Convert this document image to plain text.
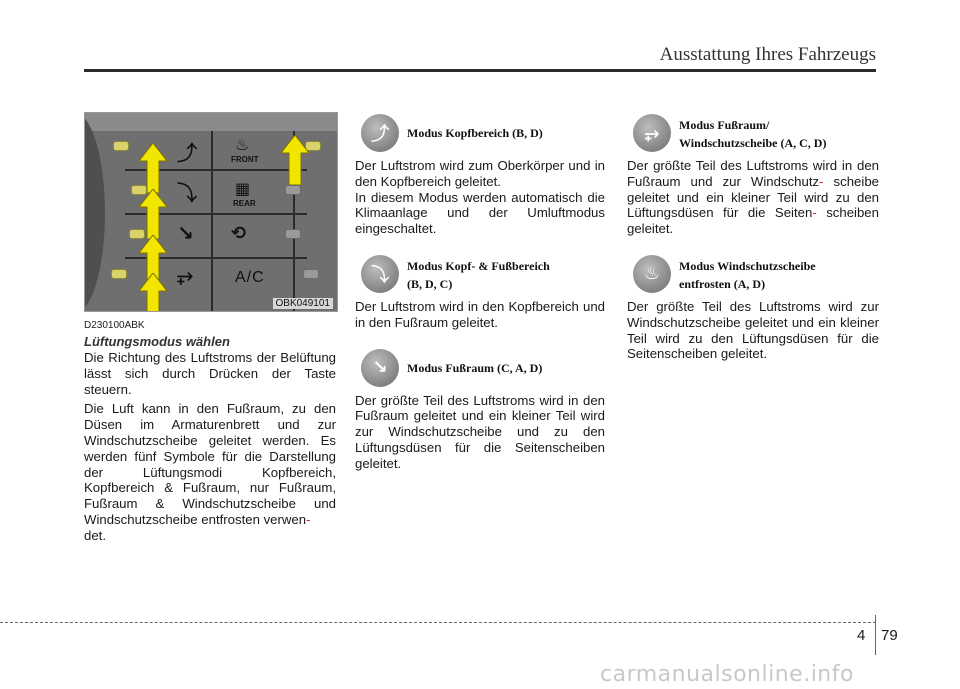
Ausstattung Ihres Fahrzeugs
⤴
⤵
↘
⥅
♨
FRONT
▦
REAR
⟲
A/C
OBK049101
D230100ABK
Lüftungsmodus wählen

Die Richtung des Luftstroms der Belüftung lässt sich durch Drücken der Taste steuern.

Die Luft kann in den Fußraum, zu den Düsen im Armaturenbrett und zur Windschutzscheibe geleitet werden. Es werden fünf Symbole für die Darstellung der Lüftungsmodi Kopfbereich, Kopfbereich & Fußraum, nur Fußraum, Fußraum & Windschutzscheibe und Windschutzscheibe entfrosten verwen-
det.

⤴	Modus Kopfbereich (B, D)

Der Luftstrom wird zum Oberkörper und in den Kopfbereich geleitet.

In diesem Modus werden automatisch die Klimaanlage und der Umluftmodus eingeschaltet.

⤵	Modus Kopf- & Fußbereich
(B, D, C)

Der Luftstrom wird in den Kopfbereich und in den Fußraum geleitet.

↘	Modus Fußraum (C, A, D)

Der größte Teil des Luftstroms wird in den Fußraum geleitet und ein kleiner Teil wird zur Windschutzscheibe und zu den Lüftungsdüsen für die Seitenscheiben geleitet.

⥅	Modus Fußraum/
Windschutzscheibe (A, C, D)

Der größte Teil des Luftstroms wird in den Fußraum und zur Windschutz- scheibe geleitet und ein kleiner Teil wird zu den Lüftungsdüsen für die Seiten- scheiben geleitet.

♨	Modus Windschutzscheibe
entfrosten (A, D)

Der größte Teil des Luftstroms wird zur Windschutzscheibe geleitet und ein kleiner Teil wird zu den Lüftungsdüsen für die Seitenscheiben geleitet.

4 79
carmanualsonline.info
